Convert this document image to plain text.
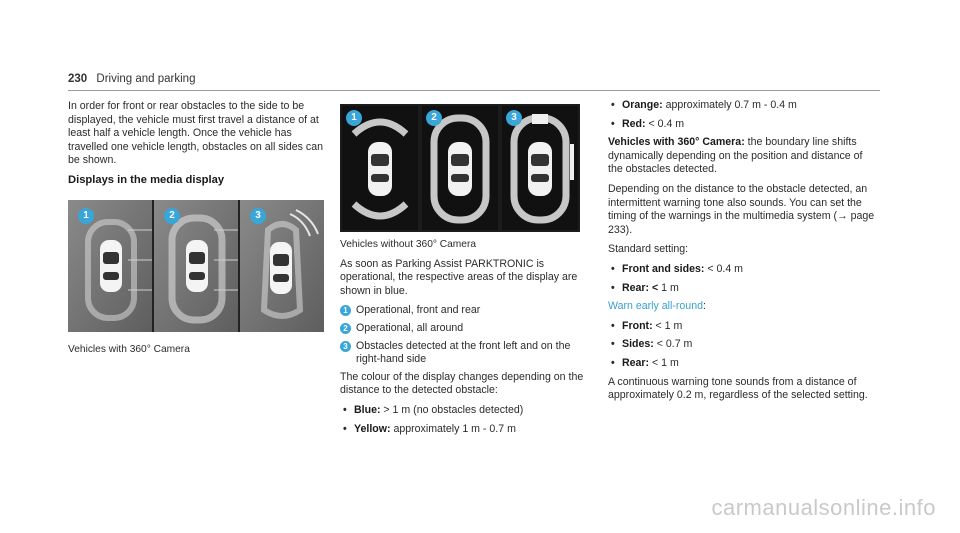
230 Driving and parking

In order for front or rear obstacles to the side to be displayed, the vehicle must first travel a distance of at least half a vehicle length. Once the vehicle has travelled one vehicle length, obstacles on all sides can be shown.

Displays in the media display
1	2	3
Vehicles with 360° Camera
1	2	3

Vehicles without 360° Camera

As soon as Parking Assist PARKTRONIC is operational, the respective areas of the display are shown in blue.

1 Operational, front and rear
2 Operational, all around
3 Obstacles detected at the front left and on the right-hand side

The colour of the display changes depending on the distance to the detected obstacle:

• Blue: > 1 m (no obstacles detected)
• Yellow: approximately 1 m - 0.7 m
• Orange: approximately 0.7 m - 0.4 m
• Red: < 0.4 m

Vehicles with 360° Camera: the boundary line shifts dynamically depending on the position and distance of the obstacles detected.

Depending on the distance to the obstacle detected, an intermittent warning tone also sounds. You can set the timing of the warnings in the multimedia system (→ page 233).

Standard setting:

• Front and sides: < 0.4 m
• Rear: < 1 m

Warn early all-round:

• Front: < 1 m
• Sides: < 0.7 m
• Rear: < 1 m

A continuous warning tone sounds from a distance of approximately 0.2 m, regardless of the selected setting.

carmanualsonline.info
